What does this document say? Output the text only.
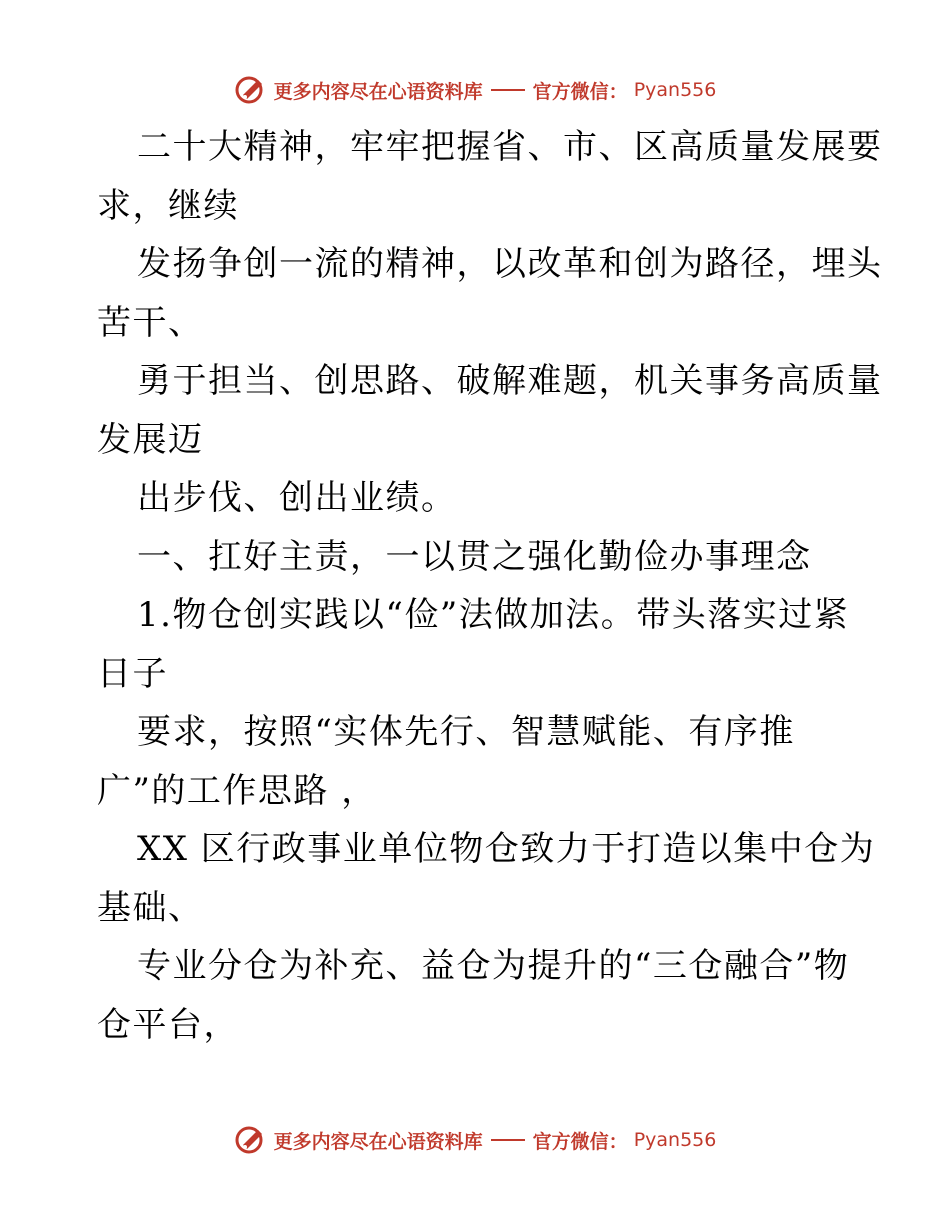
更多内容尽在心语资料库	官方微信： Pyan556
二十大精神，牢牢把握省、市、区高质量发展要
求，继续
发扬争创一流的精神，以改革和创为路径，埋头
苦干、
勇于担当、创思路、破解难题，机关事务高质量
发展迈
出步伐、创出业绩。
一、扛好主责，一以贯之强化勤俭办事理念
1.物仓创实践以“俭”法做加法。带头落实过紧
日子
要求，按照“实体先行、智慧赋能、有序推
广”的工作思路 ，
XX 区行政事业单位物仓致力于打造以集中仓为
基础、
专业分仓为补充、益仓为提升的“三仓融合”物
仓平台，
更多内容尽在心语资料库	官方微信： Pyan556
